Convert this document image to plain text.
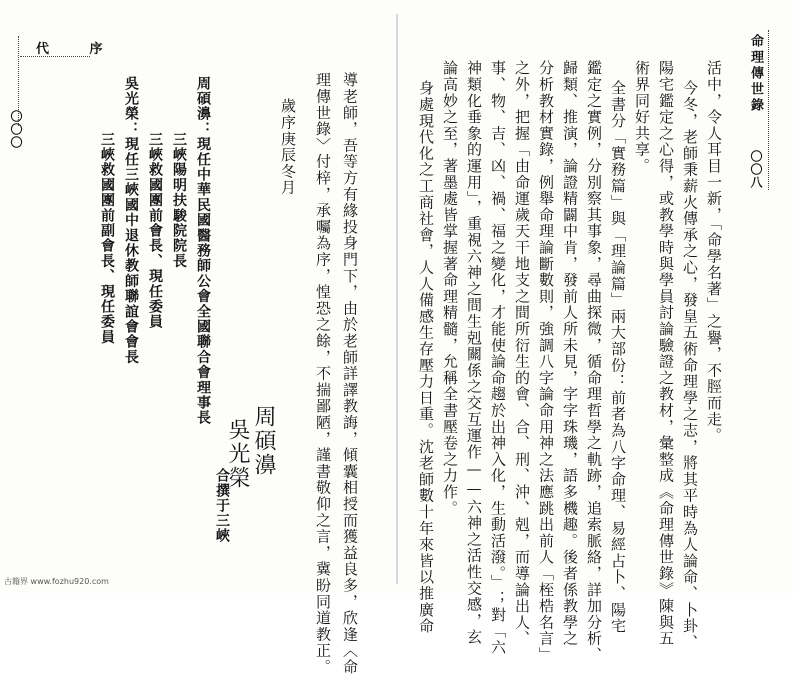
代 序
〇〇〇	周碩濞：現任中華民國醫務師公會全國聯合會理事長
三峽陽明扶駿院院長
三峽救國團前會長、現任委員
吳光榮：現任三峽國中退休教師聯誼會會長
三峽救國團前副會長、現任委員	導老師，吾等方有緣投身門下，由於老師詳譯教誨，傾囊相授而獲益良多，欣逢〈命
理傳世錄〉付梓，承囑為序，惶恐之餘，不揣鄙陋，謹書敬仰之言，冀盼同道教正。
歲序庚辰冬月
周碩濞
吳光榮
合撰于三峽
命理傳世錄
〇〇八
活中，令人耳目一新，「命學名著」之譽，不脛而走。
今冬，老師秉薪火傳承之心，發皇五術命理學之志，將其平時為人論命、卜卦、
陽宅鑑定之心得，或教學時與學員討論驗證之教材，彙整成《命理傳世錄》陳與五
術界同好共享。
全書分「實務篇」與「理論篇」兩大部份：前者為八字命理、易經占卜、陽宅
鑑定之實例，分別察其事象，尋曲探微，循命理哲學之軌跡，追索脈絡，詳加分析、
歸類、推演，論證精闢中肯，發前人所未見，字字珠璣，語多機趣。後者係教學之
分析教材實錄，例舉命理論斷數則，強調八字論命用神之法應跳出前人「桎梏名言」
之外，把握「由命運歲天干地支之間所衍生的會、合、刑、沖、剋，而導論出人、
事、物、吉、凶、禍、福之變化，才能使論命趨於出神入化，生動活潑。」；對「六
神類化垂象的運用」，重視六神之間生剋關係之交互運作——六神之活性交感，玄
論高妙之至，著墨處皆掌握著命理精髓，允稱全書壓卷之力作。
身處現代化之工商社會，人人備感生存壓力日重。沈老師數十年來皆以推廣命
古籍界 www.fozhu920.com
